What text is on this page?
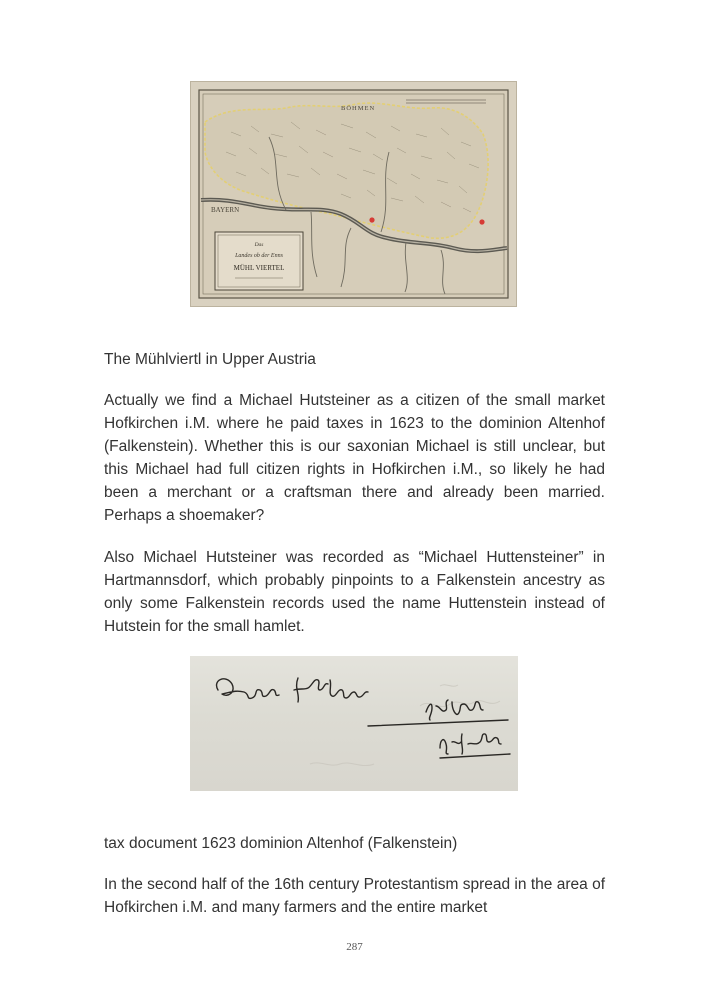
BAYERN
BÖHMEN
Das
Landes ob der Enns
MÜHL VIERTEL

The Mühlviertl in Upper Austria

Actually we find a Michael Hutsteiner as a citizen of the small market Hofkirchen i.M. where he paid taxes in 1623 to the dominion Altenhof (Falkenstein). Whether this is our saxonian Michael is still unclear, but this Michael had full citizen rights in Hofkirchen i.M., so likely he had been a merchant or a craftsman there and already been married. Perhaps a shoemaker?

Also Michael Hutsteiner was recorded as “Michael Huttensteiner” in Hartmannsdorf, which probably pinpoints to a Falkenstein ancestry as only some Falkenstein records used the name Huttenstein instead of Hutstein for the small hamlet.

tax document 1623 dominion Altenhof (Falkenstein)

In the second half of the 16th century Protestantism spread in the area of Hofkirchen i.M. and many farmers and the entire market

287
